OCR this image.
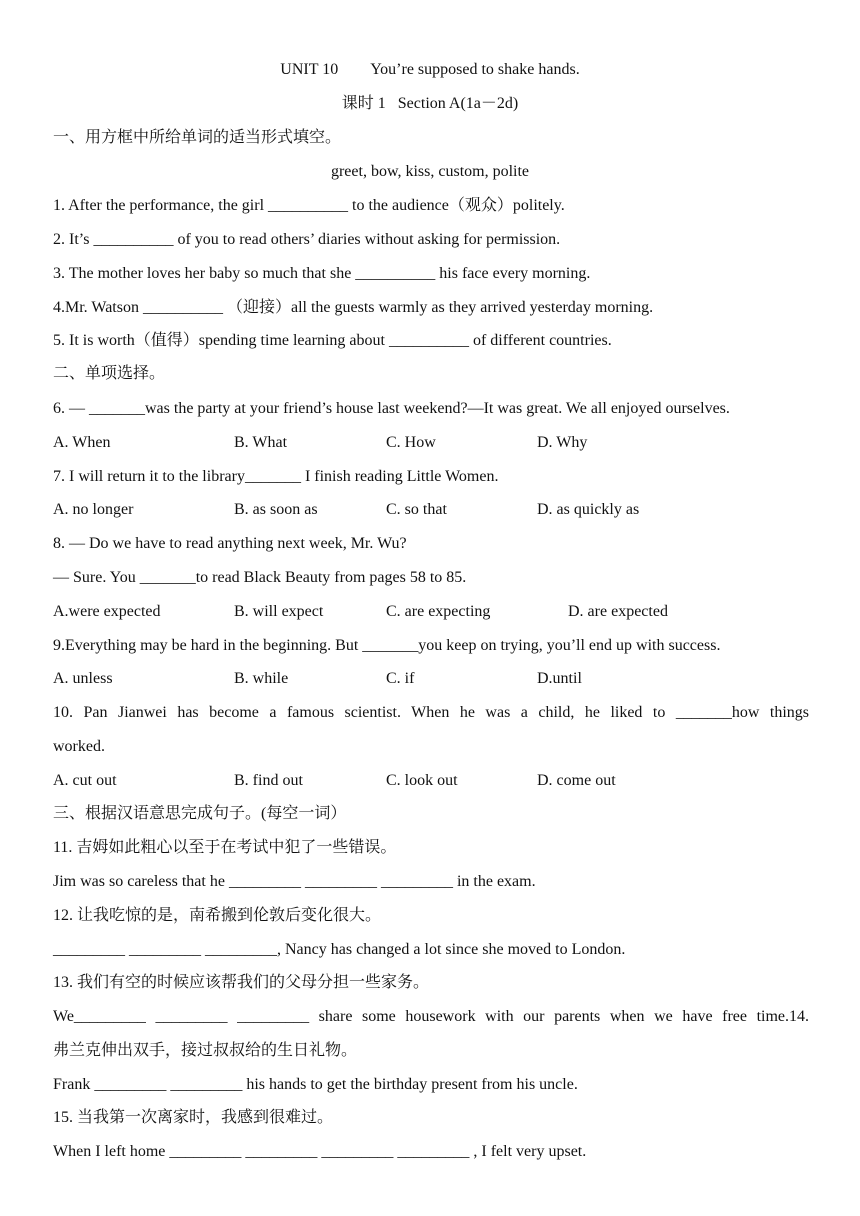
UNIT 10        You’re supposed to shake hands.
课时 1   Section A(1a－2d)
一、用方框中所给单词的适当形式填空。
greet, bow, kiss, custom, polite
1. After the performance, the girl __________ to the audience（观众）politely.
2. It’s __________ of you to read others’ diaries without asking for permission.
3. The mother loves her baby so much that she __________ his face every morning.
4.Mr. Watson __________ （迎接）all the guests warmly as they arrived yesterday morning.
5. It is worth（值得）spending time learning about __________ of different countries.
二、单项选择。
6. — _______was the party at your friend’s house last weekend?—It was great. We all enjoyed ourselves.
A. When	B. What	C. How	D. Why
7. I will return it to the library_______ I finish reading Little Women.
A. no longer	B. as soon as	C. so that	D. as quickly as
8. — Do we have to read anything next week, Mr. Wu?
— Sure. You _______to read Black Beauty from pages 58 to 85.
A.were expected	B. will expect	C. are expecting	D. are expected
9.Everything may be hard in the beginning. But _______you keep on trying, you’ll end up with success.
A. unless	B. while	C. if	D.until
10. Pan Jianwei has become a famous scientist. When he was a child, he liked to _______how things
worked.
A. cut out	B. find out	C. look out	D. come out
三、根据汉语意思完成句子。(每空一词）
11. 吉姆如此粗心以至于在考试中犯了一些错误。
Jim was so careless that he _________ _________ _________ in the exam.
12. 让我吃惊的是，南希搬到伦敦后变化很大。
_________ _________ _________, Nancy has changed a lot since she moved to London.
13. 我们有空的时候应该帮我们的父母分担一些家务。
We_________ _________ _________ share some housework with our parents when we have free time.14.
弗兰克伸出双手，接过叔叔给的生日礼物。
Frank _________ _________ his hands to get the birthday present from his uncle.
15. 当我第一次离家时，我感到很难过。
When I left home _________ _________ _________ _________ , I felt very upset.
